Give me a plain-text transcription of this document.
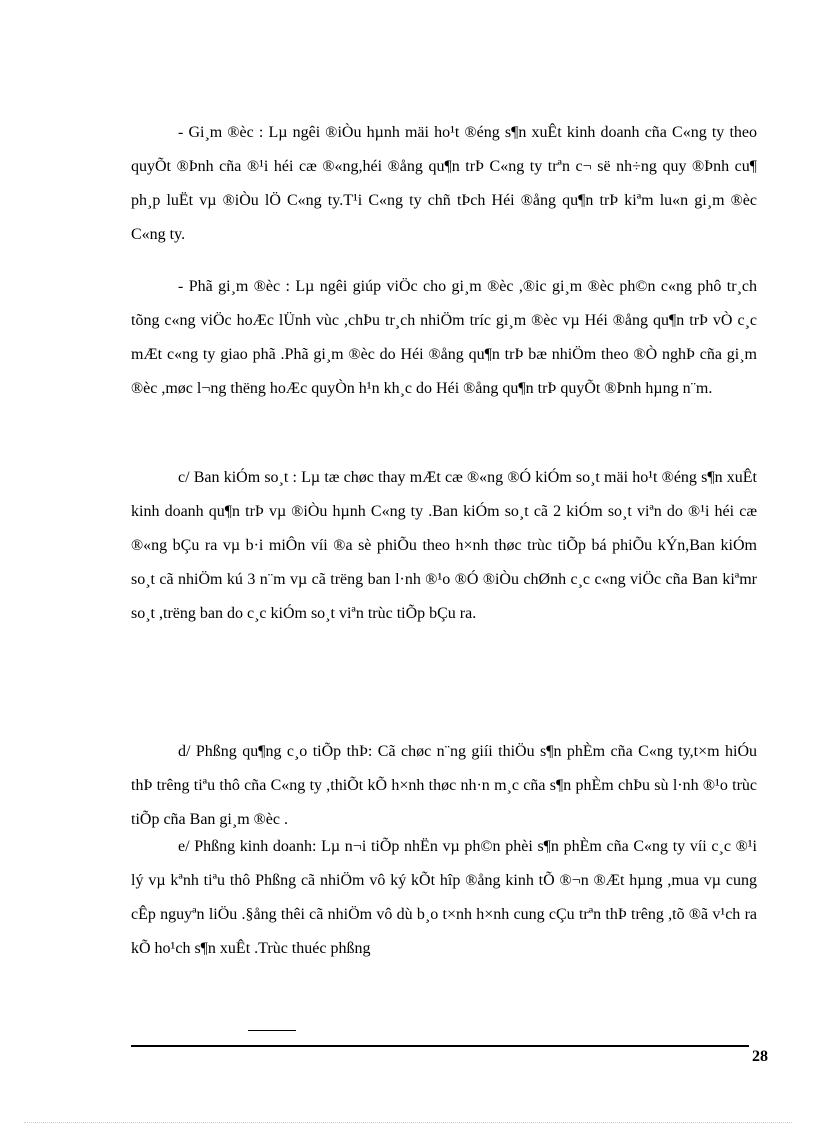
- Gi¸m ®èc : Lµ ngêi ®iÒu hµnh mäi ho¹t ®éng s¶n xuÊt kinh doanh cña C«ng ty theo quyÕt ®Þnh cña ®¹i héi cæ ®«ng,héi ®ång qu¶n trÞ C«ng ty trªn c¬ së nh÷ng quy ®Þnh cu¶ ph¸p luËt vµ ®iÒu lÖ C«ng ty.T¹i C«ng ty chñ tÞch Héi ®ång qu¶n trÞ kiªm lu«n gi¸m ®èc C«ng ty.

- Phã gi¸m ®èc : Lµ ngêi giúp viÖc cho gi¸m ®èc ,®ic gi¸m ®èc ph©n c«ng phô tr¸ch tõng c«ng viÖc hoÆc lÜnh vùc ,chÞu tr¸ch nhiÖm tríc gi¸m ®èc vµ Héi ®ång qu¶n trÞ vÒ c¸c mÆt c«ng ty giao phã .Phã gi¸m ®èc do Héi ®ång qu¶n trÞ bæ nhiÖm theo ®Ò nghÞ cña gi¸m ®èc ,møc l¬ng thëng hoÆc quyÒn h¹n kh¸c do Héi ®ång qu¶n trÞ quyÕt ®Þnh hµng n¨m.

c/ Ban kiÓm so¸t : Lµ tæ chøc thay mÆt cæ ®«ng ®Ó kiÓm so¸t mäi ho¹t ®éng s¶n xuÊt kinh doanh qu¶n trÞ vµ ®iÒu hµnh C«ng ty .Ban kiÓm so¸t cã 2 kiÓm so¸t viªn do ®¹i héi cæ ®«ng bÇu ra vµ b·i miÔn víi ®a sè phiÕu theo h×nh thøc trùc tiÕp bá phiÕu kÝn,Ban kiÓm so¸t cã nhiÖm kú 3 n¨m vµ cã trëng ban l·nh ®¹o ®Ó ®iÒu chØnh c¸c c«ng viÖc cña Ban kiªmr so¸t ,trëng ban do c¸c kiÓm so¸t viªn trùc tiÕp bÇu ra.

d/ Phßng qu¶ng c¸o tiÕp thÞ: Cã chøc n¨ng giíi thiÖu s¶n phÈm cña C«ng ty,t×m hiÓu thÞ trêng tiªu thô cña C«ng ty ,thiÕt kÕ h×nh thøc nh·n m¸c cña s¶n phÈm chÞu sù l·nh ®¹o trùc tiÕp cña Ban gi¸m ®èc .

e/ Phßng kinh doanh: Lµ n¬i tiÕp nhËn vµ ph©n phèi s¶n phÈm cña C«ng ty víi c¸c ®¹i lý vµ kªnh tiªu thô Phßng cã nhiÖm vô ký kÕt hîp ®ång kinh tÕ ®¬n ®Æt hµng ,mua vµ cung cÊp nguyªn liÖu .§ång thêi cã nhiÖm vô dù b¸o t×nh h×nh cung cÇu trªn thÞ trêng ,tõ ®ã v¹ch ra kÕ ho¹ch s¶n xuÊt .Trùc thuéc phßng

28
